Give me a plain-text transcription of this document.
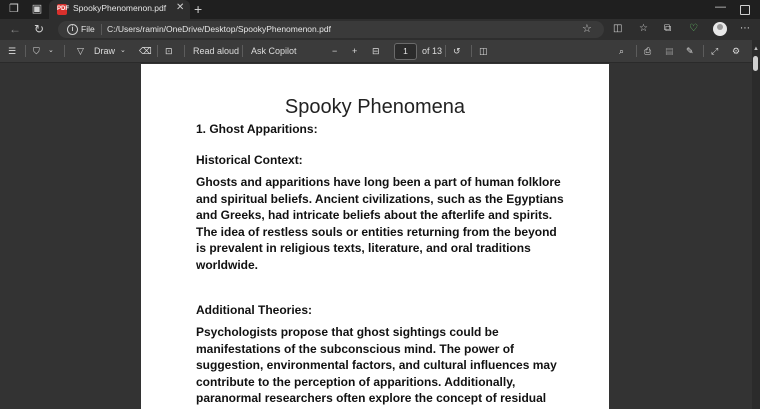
❐ ▣ PDF SpookyPhenomenon.pdf ✕ +	—
← ↻	i File C:/Users/ramin/OneDrive/Desktop/SpookyPhenomenon.pdf	☆ ◫ ☆ ⧉ ♡	⋯
☰ ⛉ ⌄	▽ Draw ⌄ ⌫ ⊡ Read aloud Ask Copilot	− + ⊟	1	of 13 ↺ ◫	⌕ ⎙ ▤ ✎ ⤢ ⚙
Spooky Phenomena
1. Ghost Apparitions:
Historical Context:
Ghosts and apparitions have long been a part of human folklore and spiritual beliefs. Ancient civilizations, such as the Egyptians and Greeks, had intricate beliefs about the afterlife and spirits. The idea of restless souls or entities returning from the beyond is prevalent in religious texts, literature, and oral traditions worldwide.
Additional Theories:
Psychologists propose that ghost sightings could be manifestations of the subconscious mind. The power of suggestion, environmental factors, and cultural influences may contribute to the perception of apparitions. Additionally, paranormal researchers often explore the concept of residual
▲
